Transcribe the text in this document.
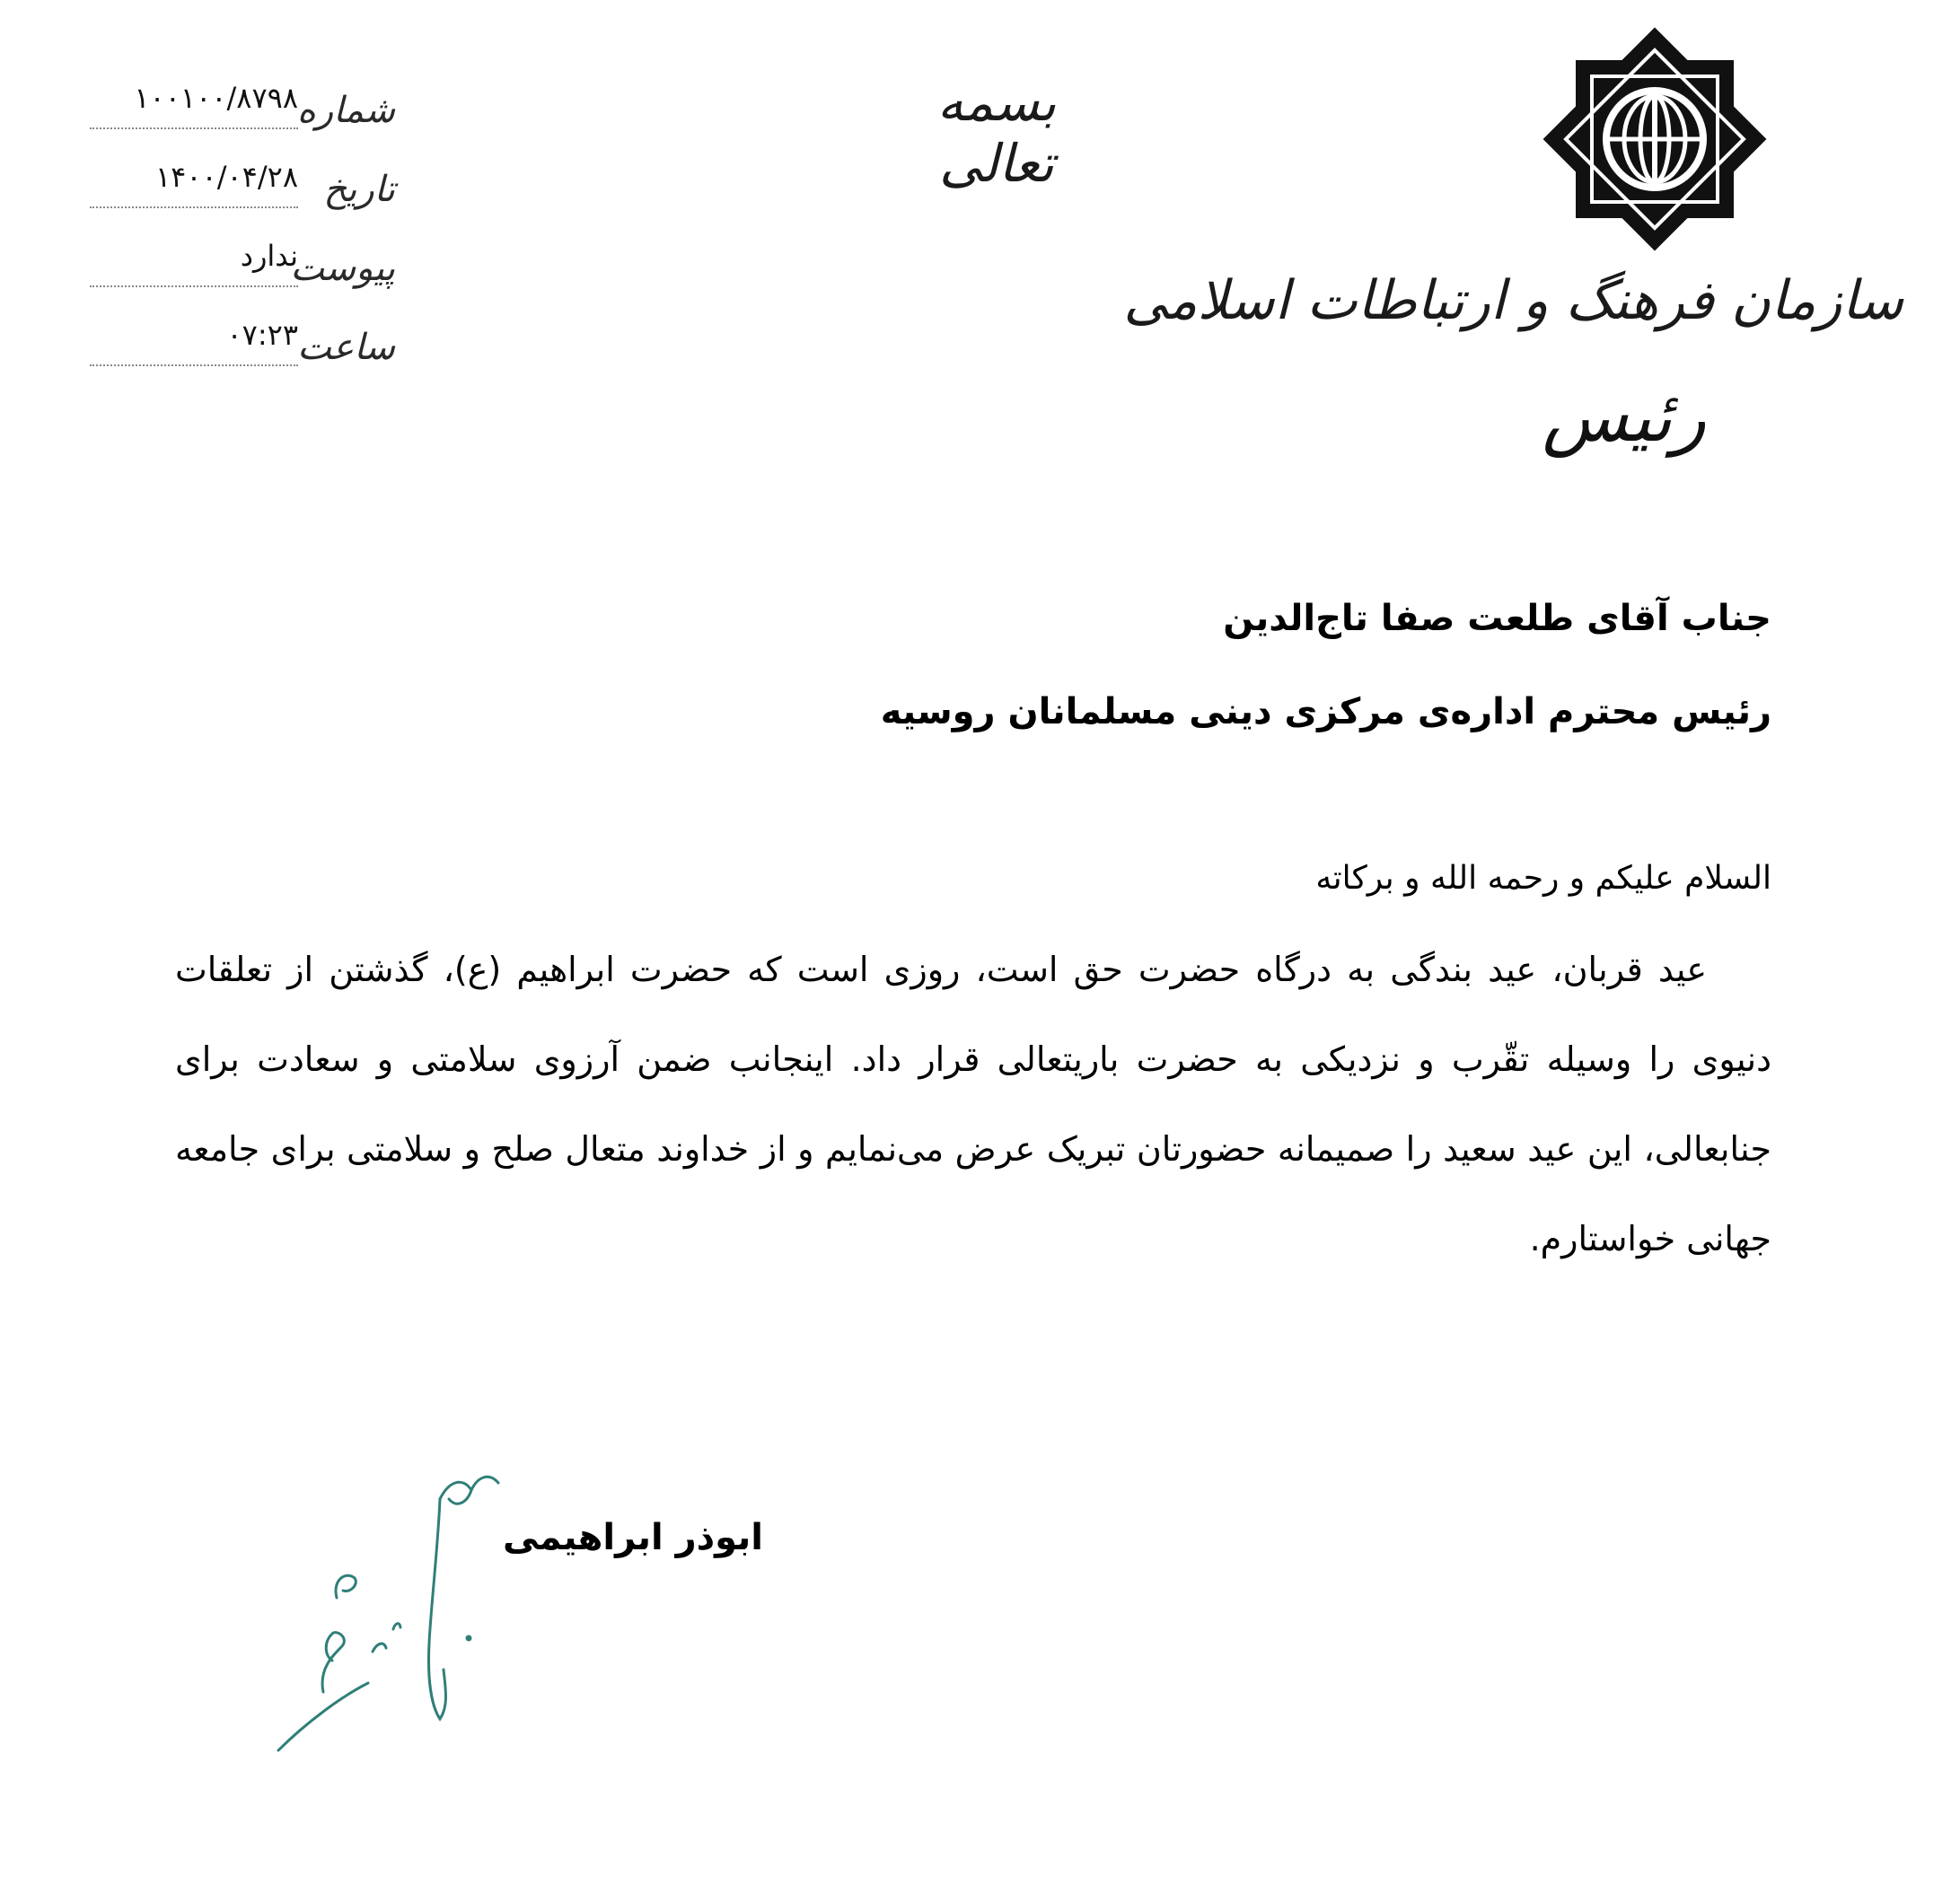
بسمه تعالی
سازمان فرهنگ و ارتباطات اسلامی
رئیس
۱۰۰۱۰۰/۸۷۹۸
شماره
۱۴۰۰/۰۴/۲۸ تاریخ
ندارد
پیوست
۰۷:۲۳ ساعت
جناب آقای طلعت صفا تاج‌الدین
رئیس محترم اداره‌ی مرکزی دینی مسلمانان روسیه
السلام علیکم و رحمه الله و برکاته
عید قربان، عید بندگی به درگاه حضرت حق است، روزی است که حضرت ابراهیم (ع)، گذشتن از تعلقات دنیوی را وسیله تقّرب و نزدیکی به حضرت باریتعالی قرار داد. اینجانب ضمن آرزوی سلامتی و سعادت برای جنابعالی، این عید سعید را صمیمانه حضورتان تبریک عرض می‌نمایم و از خداوند متعال صلح و سلامتی برای جامعه جهانی خواستارم.
ابوذر ابراهیمی
